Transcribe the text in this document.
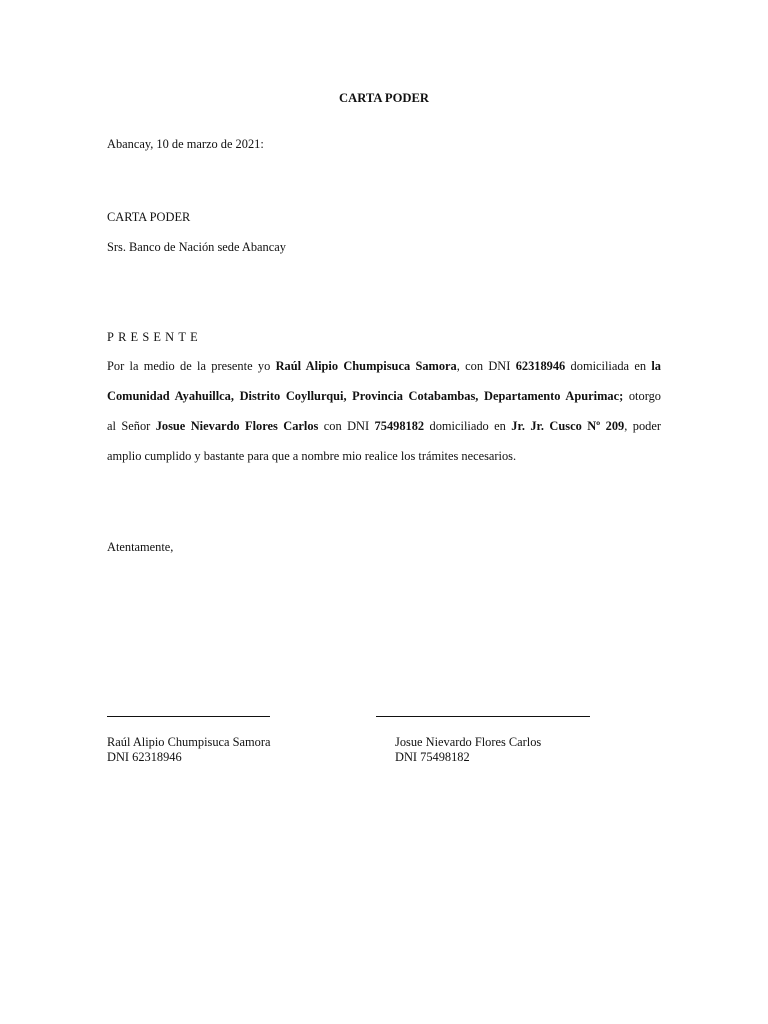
CARTA PODER
Abancay, 10 de marzo de 2021:
CARTA PODER
Srs. Banco de Nación sede Abancay
PRESENTE
Por la medio de la presente yo Raúl Alipio Chumpisuca Samora, con DNI 62318946 domiciliada en la
Comunidad Ayahuillca, Distrito Coyllurqui, Provincia Cotabambas, Departamento Apurimac; otorgo
al Señor Josue Nievardo Flores Carlos con DNI 75498182 domiciliado en Jr. Jr. Cusco Nº 209, poder
amplio cumplido y bastante para que a nombre mio realice los trámites necesarios.
Atentamente,
Raúl Alipio Chumpisuca Samora
DNI 62318946
Josue Nievardo Flores Carlos
DNI 75498182
